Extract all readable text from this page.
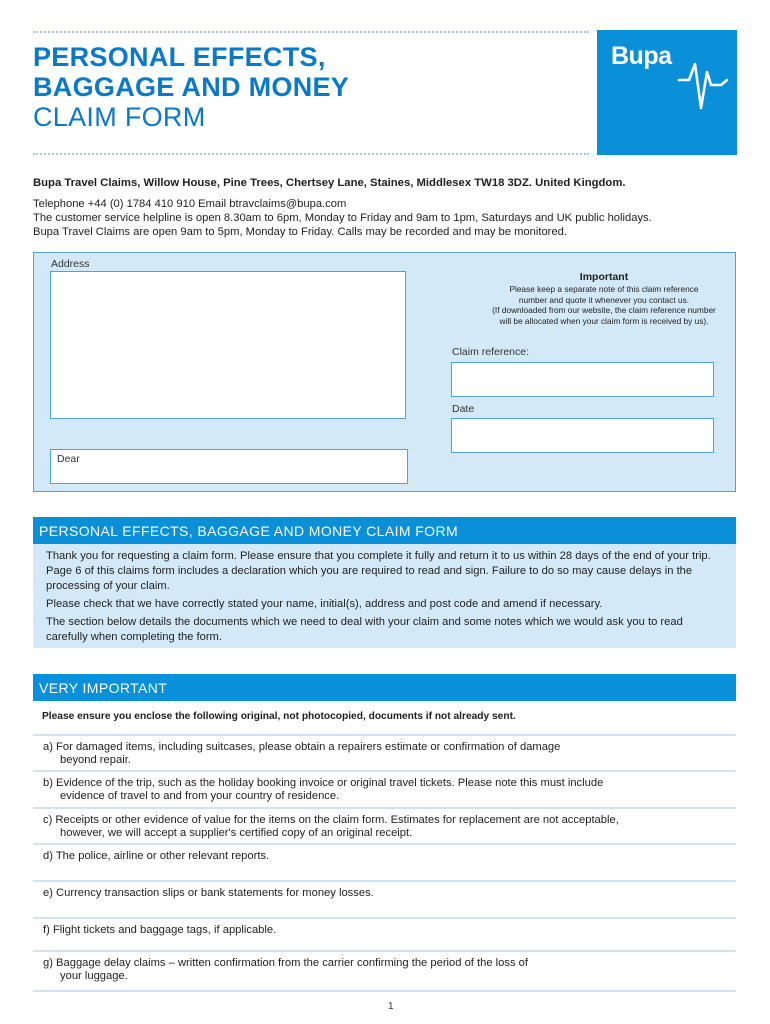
PERSONAL EFFECTS,
BAGGAGE AND MONEY
CLAIM FORM
Bupa
Bupa Travel Claims, Willow House, Pine Trees, Chertsey Lane, Staines, Middlesex TW18 3DZ. United Kingdom.
Telephone +44 (0) 1784 410 910 Email btravclaims@bupa.com
The customer service helpline is open 8.30am to 6pm, Monday to Friday and 9am to 1pm, Saturdays and UK public holidays.
Bupa Travel Claims are open 9am to 5pm, Monday to Friday. Calls may be recorded and may be monitored.
Address
Important
Please keep a separate note of this claim reference
number and quote it whenever you contact us.
(If downloaded from our website, the claim reference number
will be allocated when your claim form is received by us).
Claim reference:
Date
Dear
PERSONAL EFFECTS, BAGGAGE AND MONEY CLAIM FORM

Thank you for requesting a claim form. Please ensure that you complete it fully and return it to us within 28 days of the end of your trip. Page 6 of this claims form includes a declaration which you are required to read and sign. Failure to do so may cause delays in the processing of your claim.

Please check that we have correctly stated your name, initial(s), address and post code and amend if necessary.

The section below details the documents which we need to deal with your claim and some notes which we would ask you to read carefully when completing the form.

VERY IMPORTANT
Please ensure you enclose the following original, not photocopied, documents if not already sent.
a) For damaged items, including suitcases, please obtain a repairers estimate or confirmation of damage
beyond repair.
b) Evidence of the trip, such as the holiday booking invoice or original travel tickets. Please note this must include
evidence of travel to and from your country of residence.
c) Receipts or other evidence of value for the items on the claim form. Estimates for replacement are not acceptable,
however, we will accept a supplier's certified copy of an original receipt.
d) The police, airline or other relevant reports.
e) Currency transaction slips or bank statements for money losses.
f) Flight tickets and baggage tags, if applicable.
g) Baggage delay claims – written confirmation from the carrier confirming the period of the loss of
your luggage.
1
